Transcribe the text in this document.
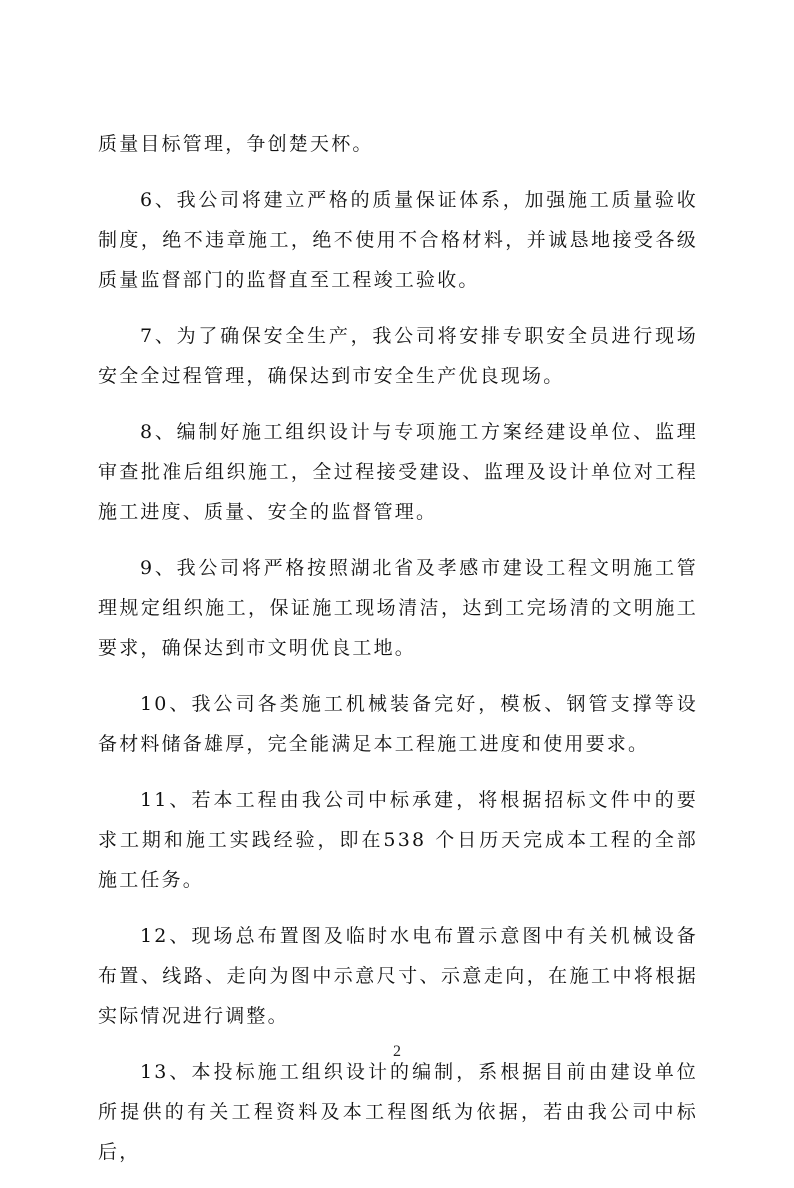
质量目标管理，争创楚天杯。

6、我公司将建立严格的质量保证体系，加强施工质量验收制度，绝不违章施工，绝不使用不合格材料，并诚恳地接受各级质量监督部门的监督直至工程竣工验收。

7、为了确保安全生产，我公司将安排专职安全员进行现场安全全过程管理，确保达到市安全生产优良现场。

8、编制好施工组织设计与专项施工方案经建设单位、监理审查批准后组织施工，全过程接受建设、监理及设计单位对工程施工进度、质量、安全的监督管理。

9、我公司将严格按照湖北省及孝感市建设工程文明施工管理规定组织施工，保证施工现场清洁，达到工完场清的文明施工要求，确保达到市文明优良工地。

10、我公司各类施工机械装备完好，模板、钢管支撑等设备材料储备雄厚，完全能满足本工程施工进度和使用要求。

11、若本工程由我公司中标承建，将根据招标文件中的要求工期和施工实践经验，即在538 个日历天完成本工程的全部施工任务。

12、现场总布置图及临时水电布置示意图中有关机械设备布置、线路、走向为图中示意尺寸、示意走向，在施工中将根据实际情况进行调整。

13、本投标施工组织设计的编制，系根据目前由建设单位所提供的有关工程资料及本工程图纸为依据，若由我公司中标后，

2
